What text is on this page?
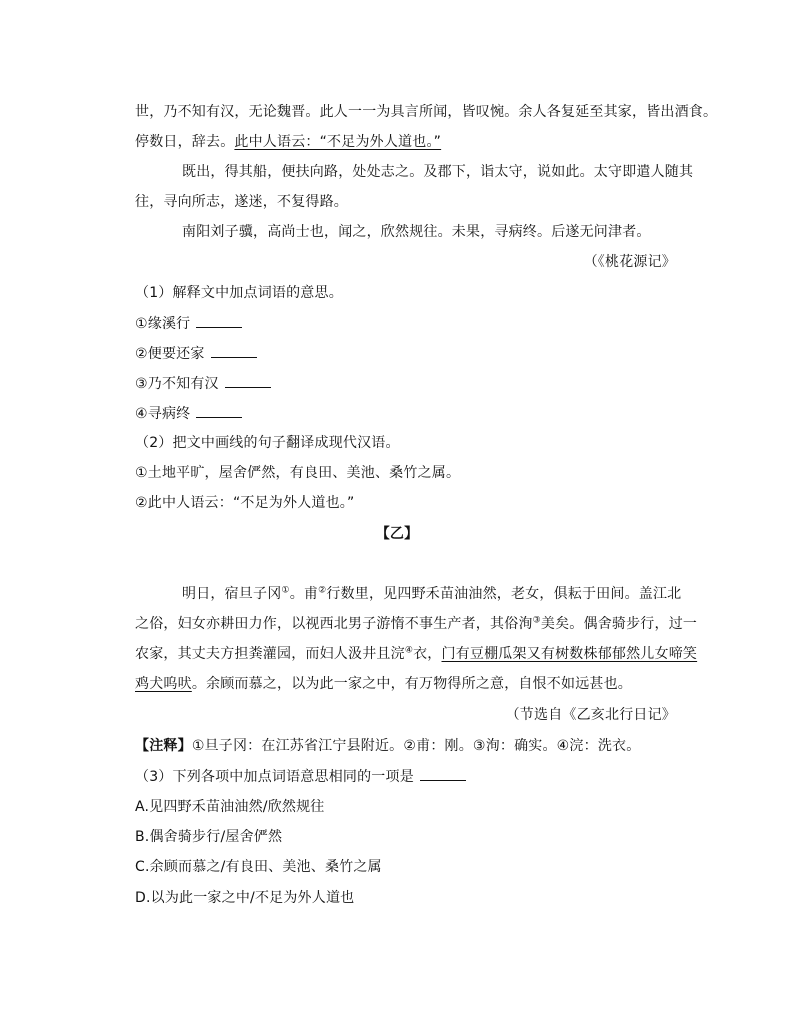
世，乃不知有汉，无论魏晋。此人一一为具言所闻，皆叹惋。余人各复延至其家，皆出酒食。
停数日，辞去。此中人语云：“不足为外人道也。”
既出，得其船，便扶向路，处处志之。及郡下，诣太守，说如此。太守即遣人随其
往，寻向所志，遂迷，不复得路。
南阳刘子骥，高尚士也，闻之，欣然规往。未果，寻病终。后遂无问津者。
（《桃花源记》
（1）解释文中加点词语的意思。
①缘溪行
②便要还家
③乃不知有汉
④寻病终
（2）把文中画线的句子翻译成现代汉语。
①土地平旷，屋舍俨然，有良田、美池、桑竹之属。
②此中人语云：“不足为外人道也。”
【乙】
明日，宿旦子冈①。甫②行数里，见四野禾苗油油然，老女，俱耘于田间。盖江北
之俗，妇女亦耕田力作，以视西北男子游惰不事生产者，其俗洵③美矣。偶舍骑步行，过一
农家，其丈夫方担粪灌园，而妇人汲井且浣④衣，门有豆棚瓜架又有树数株郁郁然儿女啼笑
鸡犬呜吠。余顾而慕之，以为此一家之中，有万物得所之意，自恨不如远甚也。
（节选自《乙亥北行日记》
【注释】①旦子冈：在江苏省江宁县附近。②甫：刚。③洵：确实。④浣：洗衣。
（3）下列各项中加点词语意思相同的一项是
A.见四野禾苗油油然/欣然规往
B.偶舍骑步行/屋舍俨然
C.余顾而慕之/有良田、美池、桑竹之属
D.以为此一家之中/不足为外人道也
